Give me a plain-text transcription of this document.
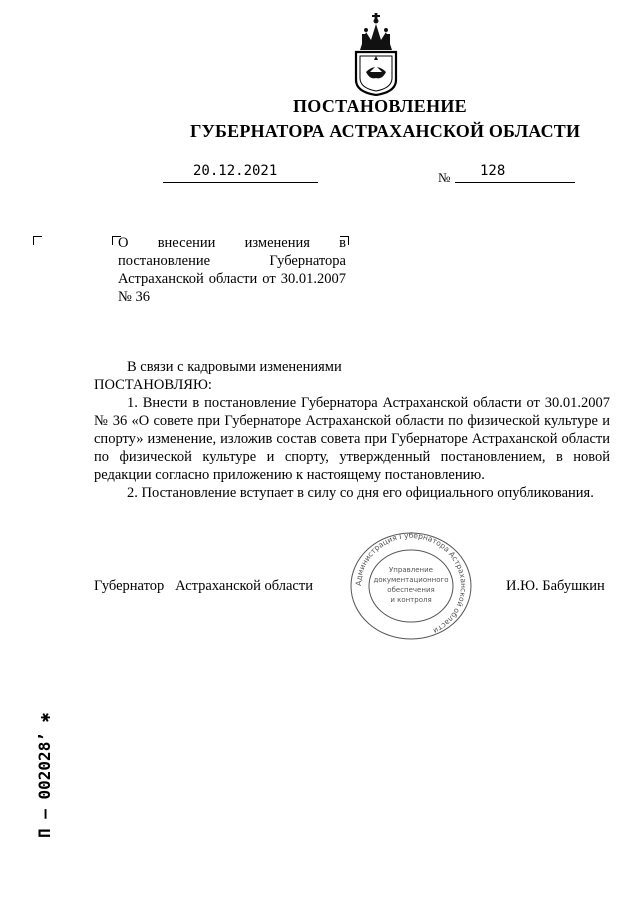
ПОСТАНОВЛЕНИЕ
ГУБЕРНАТОРА АСТРАХАНСКОЙ ОБЛАСТИ
20.12.2021	№ 128
О внесении изменения в постановление Губернатора Астраханской области от 30.01.2007 № 36

В связи с кадровыми изменениями

ПОСТАНОВЛЯЮ:

1. Внести в постановление Губернатора Астраханской области от 30.01.2007 № 36 «О совете при Губернаторе Астраханской области по физической культуре и спорту» изменение, изложив состав совета при Губернаторе Астраханской области по физической культуре и спорту, утвержденный постановлением, в новой редакции согласно приложению к настоящему постановлению.

2. Постановление вступает в силу со дня его официального опубликования.

Администрация Губернатора Астраханской области
Управление
документационного
обеспечения
и контроля
Губернатор   Астраханской области	И.Ю. Бабушкин
П – 002028’ ✱
